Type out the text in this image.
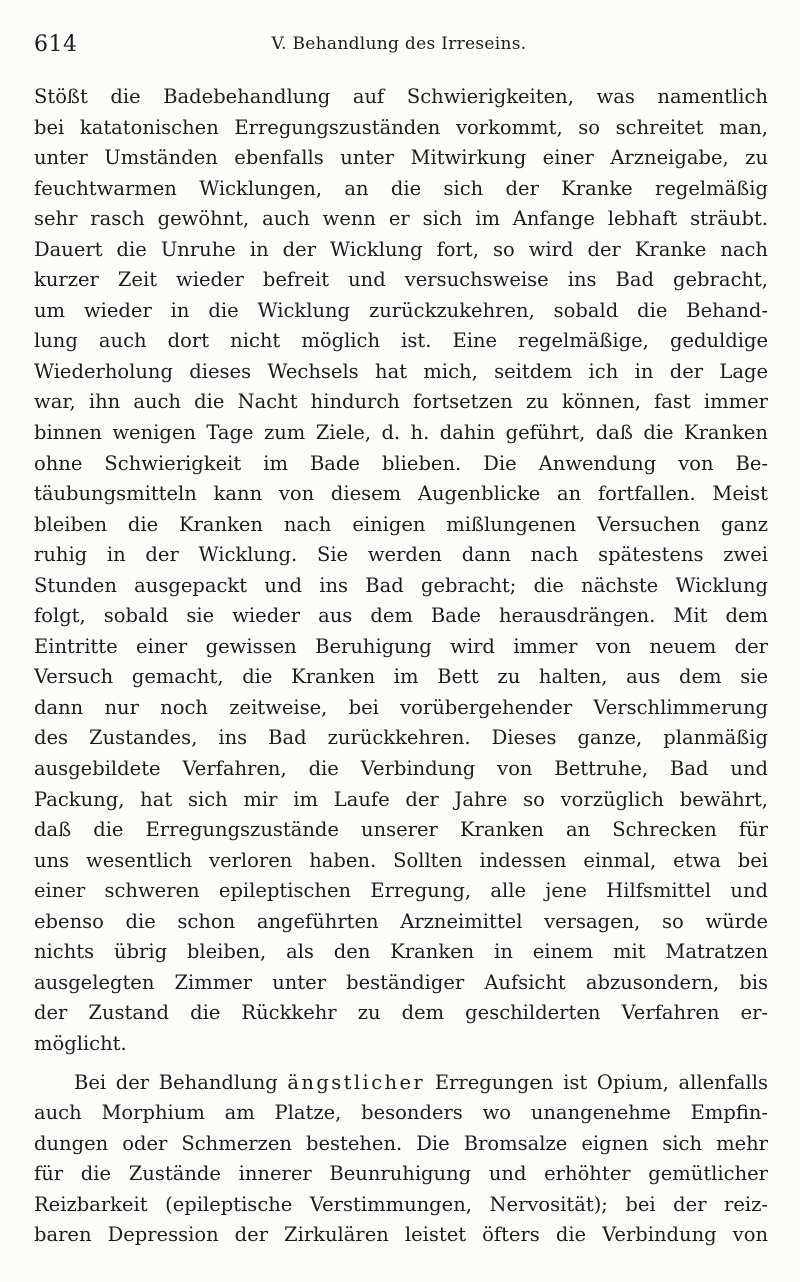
614	V. Behandlung des Irreseins.
Stößt die Badebehandlung auf Schwierigkeiten, was namentlich
bei katatonischen Erregungszuständen vorkommt, so schreitet man,
unter Umständen ebenfalls unter Mitwirkung einer Arzneigabe, zu
feuchtwarmen Wicklungen, an die sich der Kranke regelmäßig
sehr rasch gewöhnt, auch wenn er sich im Anfange lebhaft sträubt.
Dauert die Unruhe in der Wicklung fort, so wird der Kranke nach
kurzer Zeit wieder befreit und versuchsweise ins Bad gebracht,
um wieder in die Wicklung zurückzukehren, sobald die Behand-
lung auch dort nicht möglich ist. Eine regelmäßige, geduldige
Wiederholung dieses Wechsels hat mich, seitdem ich in der Lage
war, ihn auch die Nacht hindurch fortsetzen zu können, fast immer
binnen wenigen Tage zum Ziele, d. h. dahin geführt, daß die Kranken
ohne Schwierigkeit im Bade blieben. Die Anwendung von Be-
täubungsmitteln kann von diesem Augenblicke an fortfallen. Meist
bleiben die Kranken nach einigen mißlungenen Versuchen ganz
ruhig in der Wicklung. Sie werden dann nach spätestens zwei
Stunden ausgepackt und ins Bad gebracht; die nächste Wicklung
folgt, sobald sie wieder aus dem Bade herausdrängen. Mit dem
Eintritte einer gewissen Beruhigung wird immer von neuem der
Versuch gemacht, die Kranken im Bett zu halten, aus dem sie
dann nur noch zeitweise, bei vorübergehender Verschlimmerung
des Zustandes, ins Bad zurückkehren. Dieses ganze, planmäßig
ausgebildete Verfahren, die Verbindung von Bettruhe, Bad und
Packung, hat sich mir im Laufe der Jahre so vorzüglich bewährt,
daß die Erregungszustände unserer Kranken an Schrecken für
uns wesentlich verloren haben. Sollten indessen einmal, etwa bei
einer schweren epileptischen Erregung, alle jene Hilfsmittel und
ebenso die schon angeführten Arzneimittel versagen, so würde
nichts übrig bleiben, als den Kranken in einem mit Matratzen
ausgelegten Zimmer unter beständiger Aufsicht abzusondern, bis
der Zustand die Rückkehr zu dem geschilderten Verfahren er-
möglicht.
Bei der Behandlung ängstlicher Erregungen ist Opium, allenfalls
auch Morphium am Platze, besonders wo unangenehme Empfin-
dungen oder Schmerzen bestehen. Die Bromsalze eignen sich mehr
für die Zustände innerer Beunruhigung und erhöhter gemütlicher
Reizbarkeit (epileptische Verstimmungen, Nervosität); bei der reiz-
baren Depression der Zirkulären leistet öfters die Verbindung von
